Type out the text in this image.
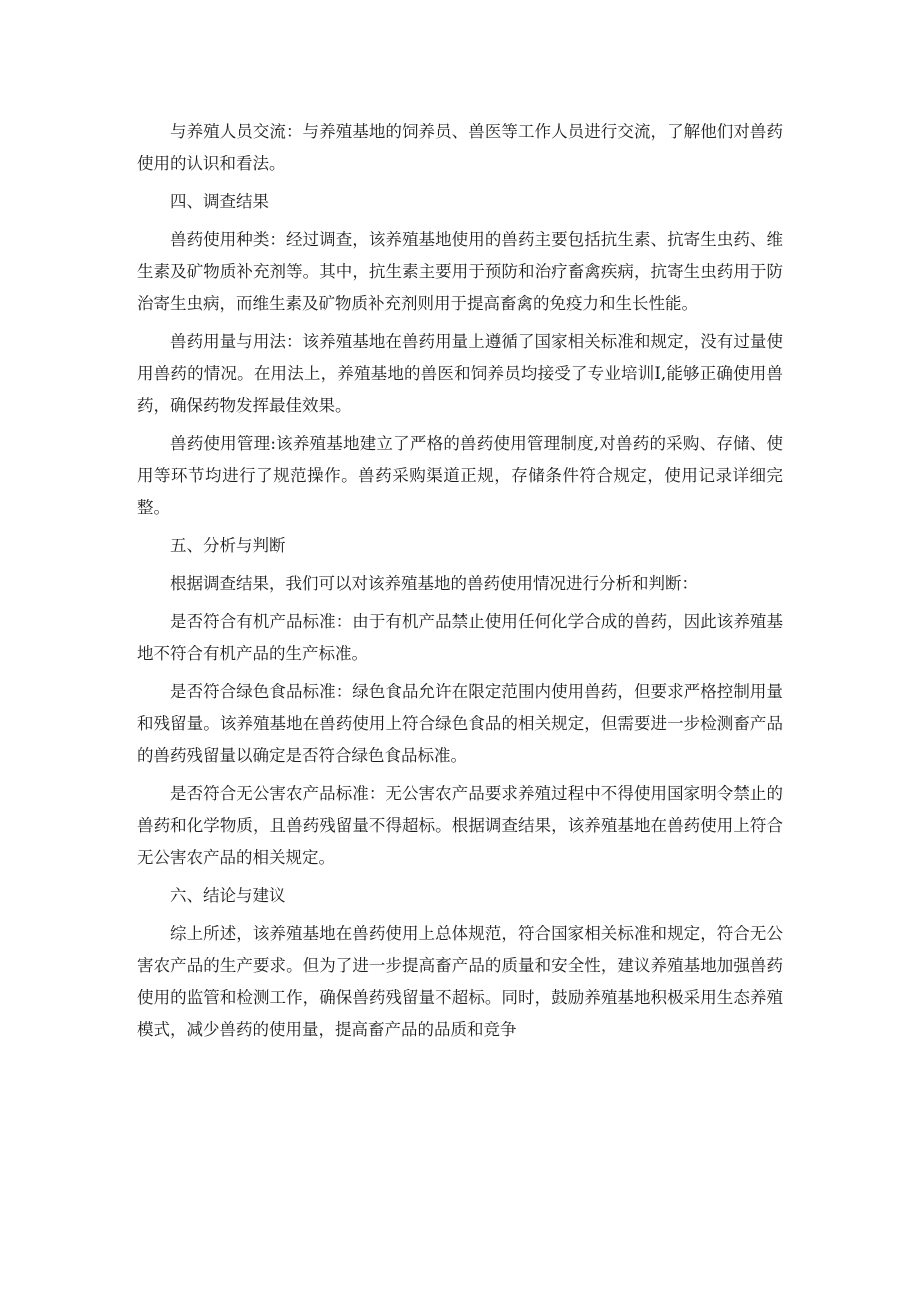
与养殖人员交流：与养殖基地的饲养员、兽医等工作人员进行交流，了解他们对兽药使用的认识和看法。

四、调查结果

兽药使用种类：经过调查，该养殖基地使用的兽药主要包括抗生素、抗寄生虫药、维生素及矿物质补充剂等。其中，抗生素主要用于预防和治疗畜禽疾病，抗寄生虫药用于防治寄生虫病，而维生素及矿物质补充剂则用于提高畜禽的免疫力和生长性能。

兽药用量与用法：该养殖基地在兽药用量上遵循了国家相关标准和规定，没有过量使用兽药的情况。在用法上，养殖基地的兽医和饲养员均接受了专业培训I,能够正确使用兽药，确保药物发挥最佳效果。

兽药使用管理:该养殖基地建立了严格的兽药使用管理制度,对兽药的采购、存储、使用等环节均进行了规范操作。兽药采购渠道正规，存储条件符合规定，使用记录详细完整。

五、分析与判断

根据调查结果，我们可以对该养殖基地的兽药使用情况进行分析和判断：

是否符合有机产品标准：由于有机产品禁止使用任何化学合成的兽药，因此该养殖基地不符合有机产品的生产标准。

是否符合绿色食品标准：绿色食品允许在限定范围内使用兽药，但要求严格控制用量和残留量。该养殖基地在兽药使用上符合绿色食品的相关规定，但需要进一步检测畜产品的兽药残留量以确定是否符合绿色食品标准。

是否符合无公害农产品标准：无公害农产品要求养殖过程中不得使用国家明令禁止的兽药和化学物质，且兽药残留量不得超标。根据调查结果，该养殖基地在兽药使用上符合无公害农产品的相关规定。

六、结论与建议

综上所述，该养殖基地在兽药使用上总体规范，符合国家相关标准和规定，符合无公害农产品的生产要求。但为了进一步提高畜产品的质量和安全性，建议养殖基地加强兽药使用的监管和检测工作，确保兽药残留量不超标。同时，鼓励养殖基地积极采用生态养殖模式，减少兽药的使用量，提高畜产品的品质和竞争
